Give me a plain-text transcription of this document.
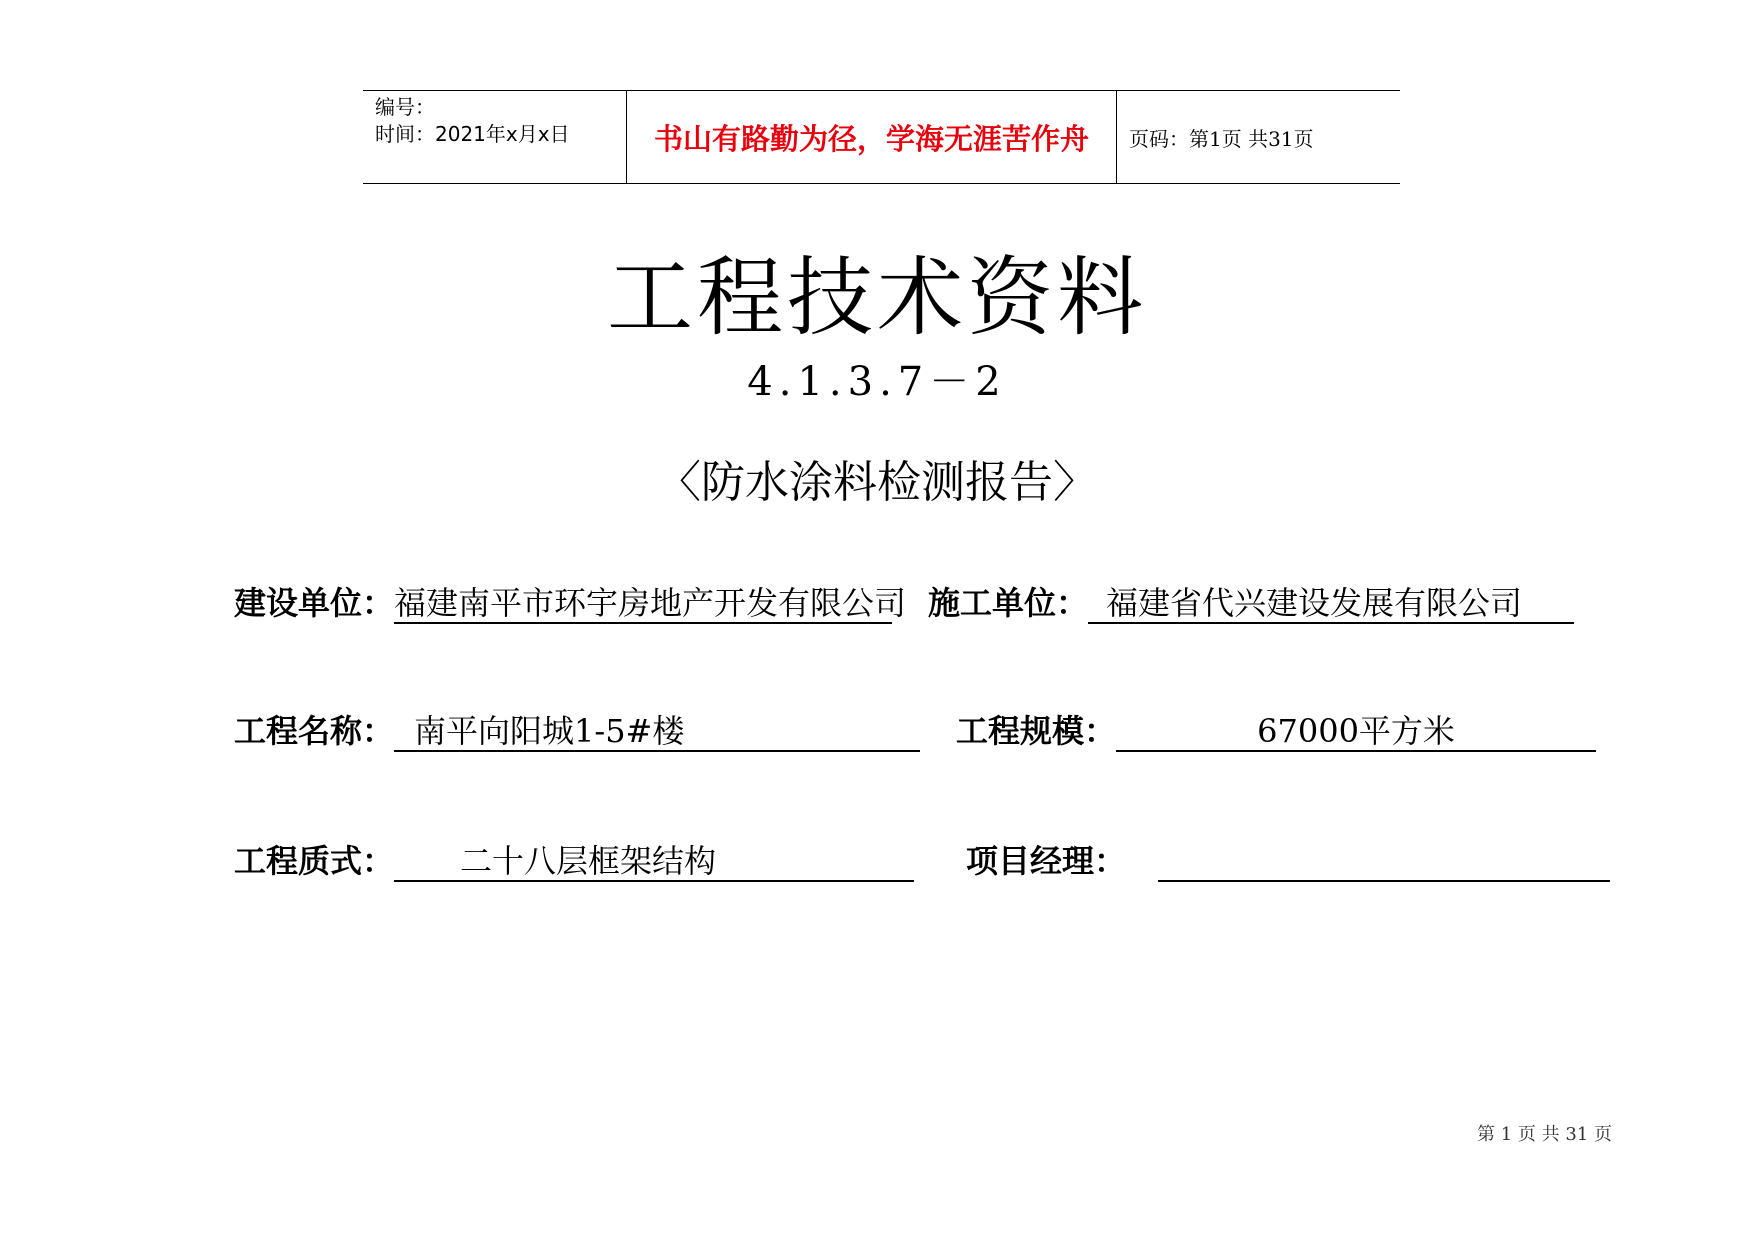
编号：
时间：2021年x月x日	书山有路勤为径，学海无涯苦作舟 页码：第1页 共31页
工程技术资料
4.1.3.7－2
〈防水涂料检测报告〉
建设单位： 福建南平市环宇房地产开发有限公司 施工单位： 福建省代兴建设发展有限公司
工程名称： 南平向阳城1-5#楼	工程规模：	67000平方米
工程质式：	二十八层框架结构	项目经理：
第 1 页 共 31 页
